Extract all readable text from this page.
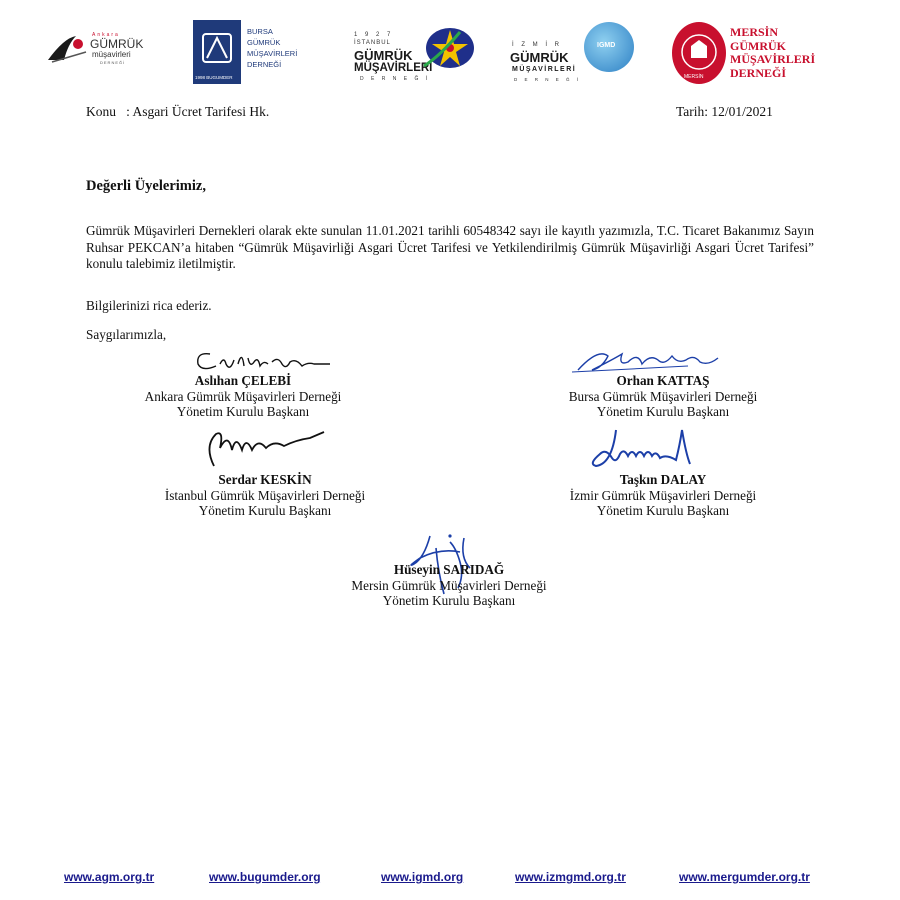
Ankara
GÜMRÜK
müşavirleri
DERNEĞİ
1998 BUGUMDER
BURSA
GÜMRÜK
MÜŞAVİRLERİ
DERNEĞİ
1 9 2 7
İSTANBUL
GÜMRÜK
MÜŞAVİRLERİ
D E R N E Ğ İ
İ Z M İ R
GÜMRÜK
MÜŞAVİRLERİ
D E R N E Ğ İ
IGMD
MERSİN
MERSİN
GÜMRÜK
MÜŞAVİRLERİ
DERNEĞİ
Konu   : Asgari Ücret Tarifesi Hk.	Tarih: 12/01/2021
Değerli Üyelerimiz,
Gümrük Müşavirleri Dernekleri olarak ekte sunulan 11.01.2021 tarihli 60548342 sayı ile kayıtlı yazımızla, T.C. Ticaret Bakanımız Sayın Ruhsar PEKCAN’a hitaben “Gümrük Müşavirliği Asgari Ücret Tarifesi ve Yetkilendirilmiş Gümrük Müşavirliği Asgari Ücret Tarifesi” konulu talebimiz iletilmiştir.
Bilgilerinizi rica ederiz.
Saygılarımızla,
Aslıhan ÇELEBİ
Ankara Gümrük Müşavirleri Derneği
Yönetim Kurulu Başkanı
Orhan KATTAŞ
Bursa Gümrük Müşavirleri Derneği
Yönetim Kurulu Başkanı
Serdar KESKİN
İstanbul Gümrük Müşavirleri Derneği
Yönetim Kurulu Başkanı
Taşkın DALAY
İzmir Gümrük Müşavirleri Derneği
Yönetim Kurulu Başkanı
Hüseyin SARIDAĞ
Mersin Gümrük Müşavirleri Derneği
Yönetim Kurulu Başkanı
www.agm.org.tr	www.bugumder.org	www.igmd.org	www.izmgmd.org.tr	www.mergumder.org.tr
